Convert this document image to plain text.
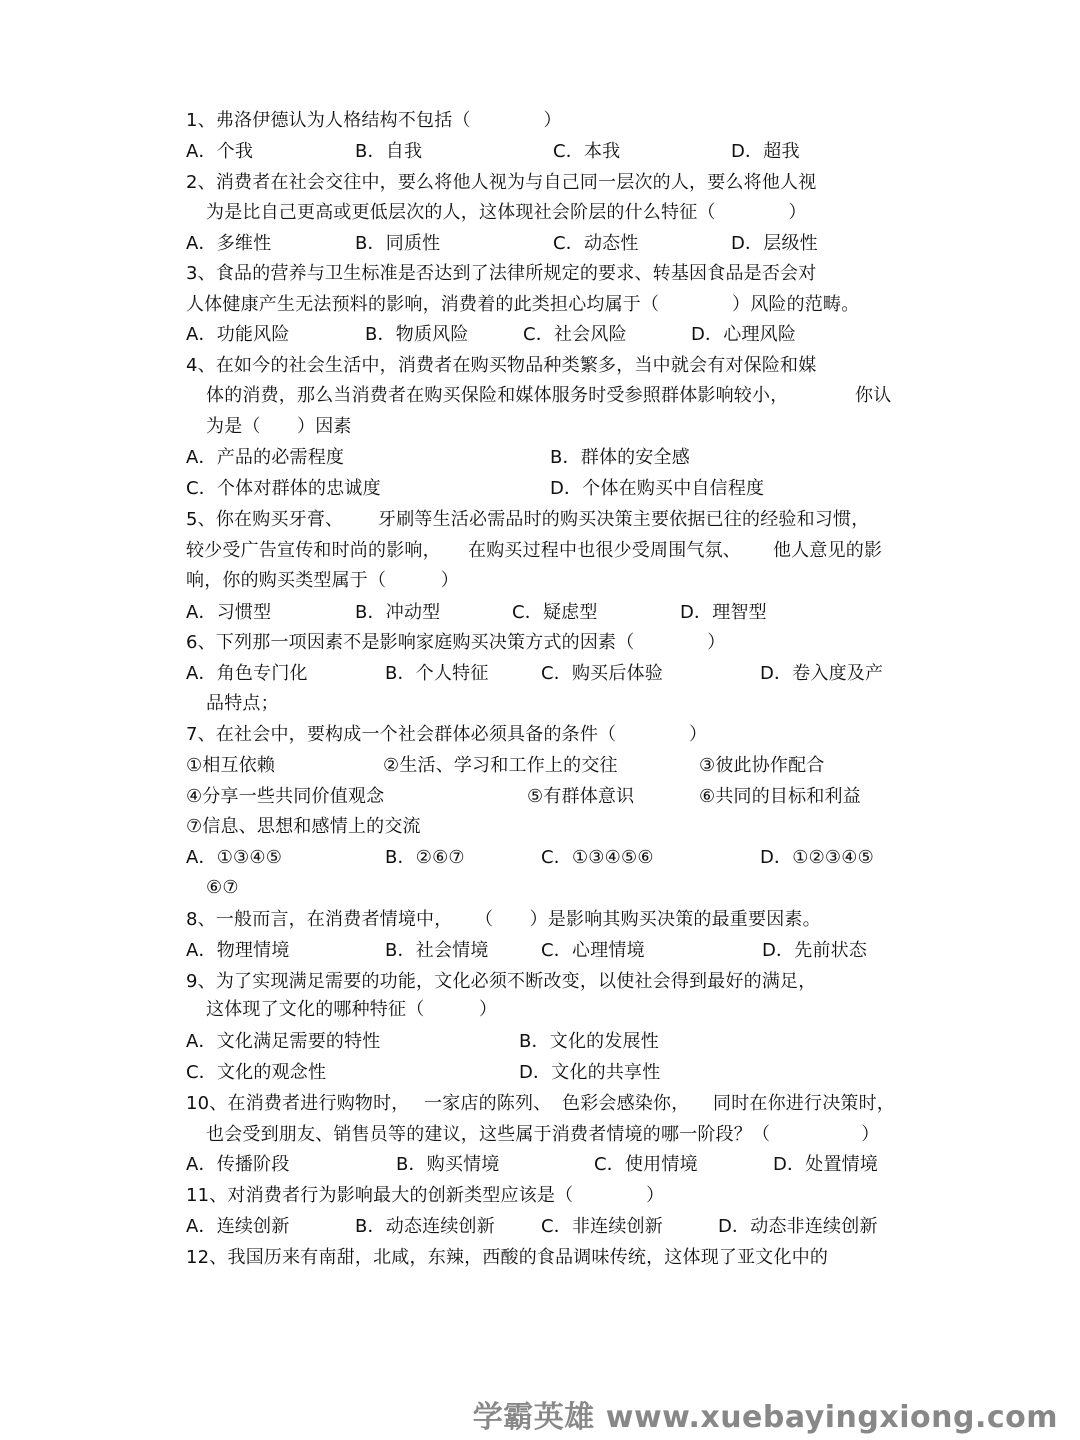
1、弗洛伊德认为人格结构不包括（　　　　）
A．个我	B．自我	C．本我	D．超我
2、消费者在社会交往中，要么将他人视为与自己同一层次的人，要么将他人视
为是比自己更高或更低层次的人，这体现社会阶层的什么特征（　　　　）
A．多维性	B．同质性	C．动态性	D．层级性
3、食品的营养与卫生标准是否达到了法律所规定的要求、转基因食品是否会对
人体健康产生无法预料的影响，消费着的此类担心均属于（　　　　）风险的范畴。
A．功能风险	B．物质风险	C．社会风险	D．心理风险
4、在如今的社会生活中，消费者在购买物品种类繁多，当中就会有对保险和媒
体的消费，那么当消费者在购买保险和媒体服务时受参照群体影响较小，	你认
为是（　　）因素
A．产品的必需程度	B．群体的安全感
C．个体对群体的忠诚度	D．个体在购买中自信程度
5、你在购买牙膏、 牙刷等生活必需品时的购买决策主要依据已往的经验和习惯，
较少受广告宣传和时尚的影响， 在购买过程中也很少受周围气氛、 他人意见的影
响，你的购买类型属于（　　　）
A．习惯型	B．冲动型	C．疑虑型	D．理智型
6、下列那一项因素不是影响家庭购买决策方式的因素（　　　　）
A．角色专门化	B．个人特征	C．购买后体验	D．卷入度及产
品特点；
7、在社会中，要构成一个社会群体必须具备的条件（　　　　）
①相互依赖	②生活、学习和工作上的交往	③彼此协作配合
④分享一些共同价值观念	⑤有群体意识	⑥共同的目标和利益
⑦信息、思想和感情上的交流
A．①③④⑤	B．②⑥⑦	C．①③④⑤⑥	D．①②③④⑤
⑥⑦
8、一般而言，在消费者情境中， （　　）是影响其购买决策的最重要因素。
A．物理情境	B．社会情境	C．心理情境	D．先前状态
9、为了实现满足需要的功能，文化必须不断改变，以使社会得到最好的满足，
这体现了文化的哪种特征（　　　）
A．文化满足需要的特性	B．文化的发展性
C．文化的观念性	D．文化的共享性
10、在消费者进行购物时， 一家店的陈列、 色彩会感染你， 同时在你进行决策时，
也会受到朋友、销售员等的建议，这些属于消费者情境的哪一阶段？（　　　　　）
A．传播阶段	B．购买情境	C．使用情境	D．处置情境
11、对消费者行为影响最大的创新类型应该是（　　　　）
A．连续创新	B．动态连续创新	C．非连续创新	D．动态非连续创新
12、我国历来有南甜，北咸，东辣，西酸的食品调味传统，这体现了亚文化中的
学霸英雄 www.xuebayingxiong.com
